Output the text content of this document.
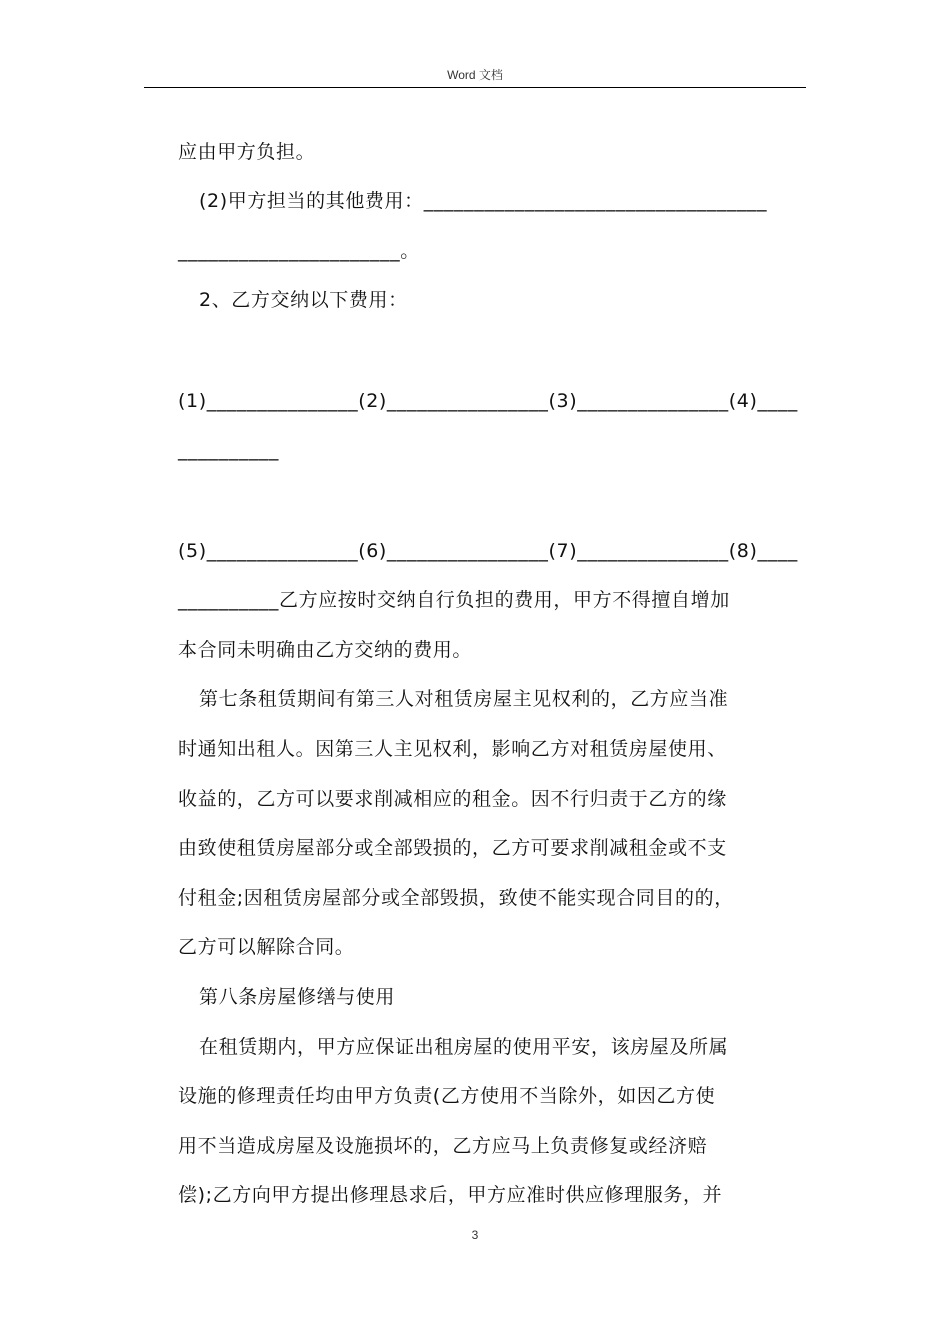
Word 文档
应由甲方负担。
(2)甲方担当的其他费用：__________________________________
______________________。
2、乙方交纳以下费用：
(1)_______________(2)________________(3)_______________(4)____
__________
(5)_______________(6)________________(7)_______________(8)____
__________乙方应按时交纳自行负担的费用，甲方不得擅自增加
本合同未明确由乙方交纳的费用。
第七条租赁期间有第三人对租赁房屋主见权利的，乙方应当准
时通知出租人。因第三人主见权利，影响乙方对租赁房屋使用、
收益的，乙方可以要求削减相应的租金。因不行归责于乙方的缘
由致使租赁房屋部分或全部毁损的，乙方可要求削减租金或不支
付租金;因租赁房屋部分或全部毁损，致使不能实现合同目的的，
乙方可以解除合同。
第八条房屋修缮与使用
在租赁期内，甲方应保证出租房屋的使用平安，该房屋及所属
设施的修理责任均由甲方负责(乙方使用不当除外，如因乙方使
用不当造成房屋及设施损坏的，乙方应马上负责修复或经济赔
偿);乙方向甲方提出修理恳求后，甲方应准时供应修理服务，并
3
